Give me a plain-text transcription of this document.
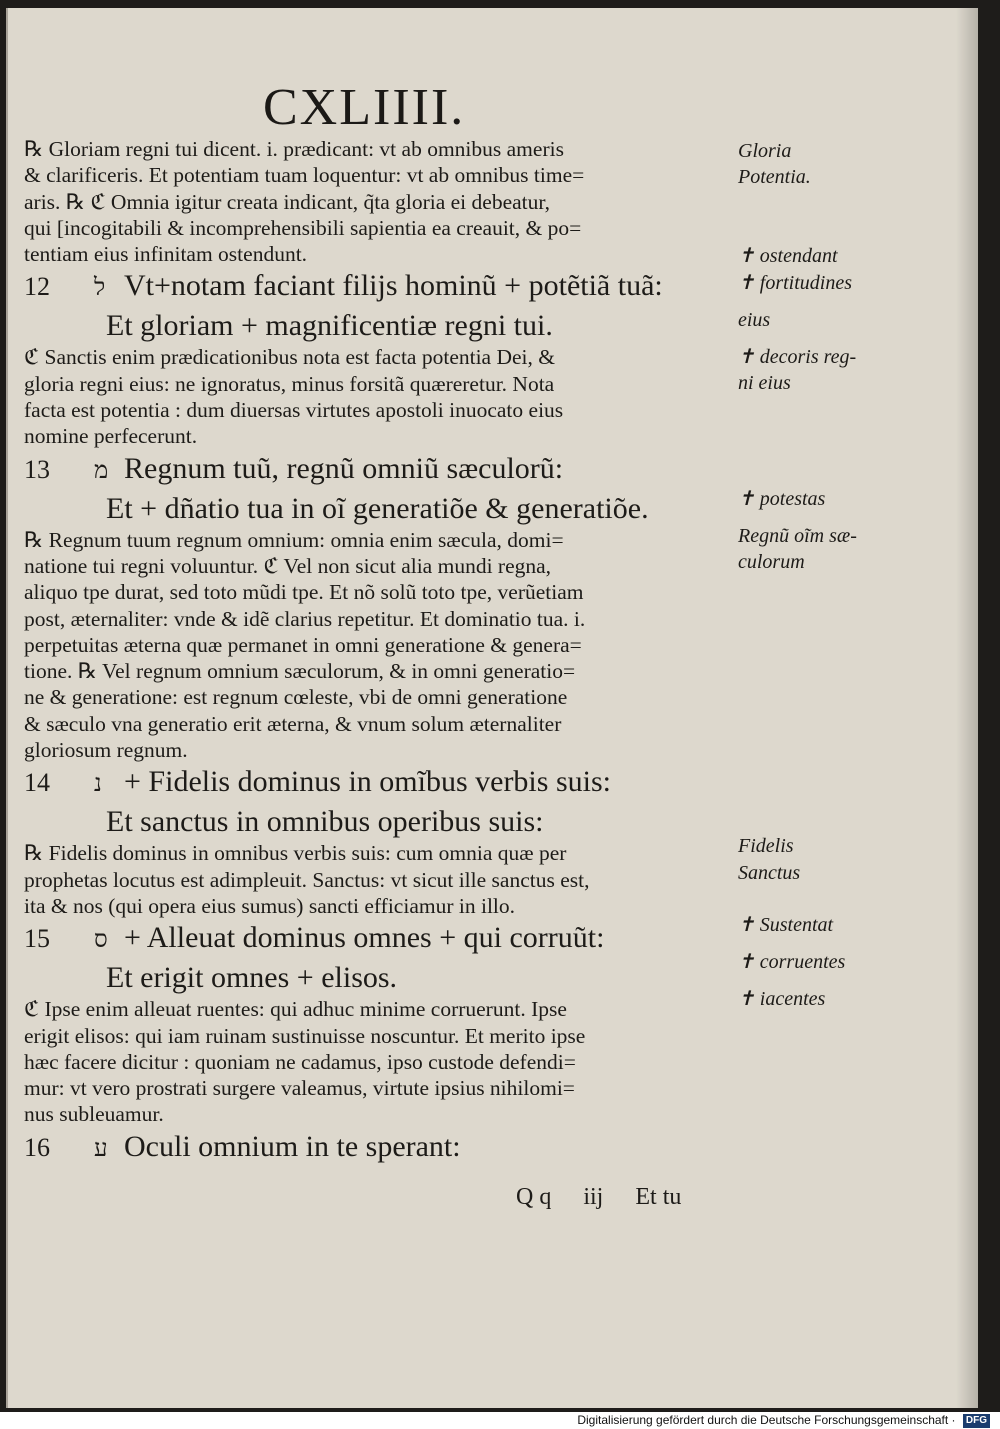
CXLIIII.
℞ Gloriam regni tui dicent. i. prædicant: vt ab omnibus ameris
& clarificeris. Et potentiam tuam loquentur: vt ab omnibus time=
aris. ℞ ℭ Omnia igitur creata indicant, q̃ta gloria ei debeatur,
qui [incogitabili & incomprehensibili sapientia ea creauit, & po=
tentiam eius infinitam ostendunt.
12 ל Vt+notam faciant filijs hominũ + potẽtiã tuã:
Et gloriam + magnificentiæ regni tui.
ℭ Sanctis enim prædicationibus nota est facta potentia Dei, &
gloria regni eius: ne ignoratus, minus forsitã quæreretur. Nota
facta est potentia : dum diuersas virtutes apostoli inuocato eius
nomine perfecerunt.
13 מ Regnum tuũ, regnũ omniũ sæculorũ:
Et + dñatio tua in oĩ generatiõe & generatiõe.
℞ Regnum tuum regnum omnium: omnia enim sæcula, domi=
natione tui regni voluuntur. ℭ Vel non sicut alia mundi regna,
aliquo tpe durat, sed toto mũdi tpe. Et nõ solũ toto tpe, verũetiam
post, æternaliter: vnde & idẽ clarius repetitur. Et dominatio tua. i.
perpetuitas æterna quæ permanet in omni generatione & genera=
tione. ℞ Vel regnum omnium sæculorum, & in omni generatio=
ne & generatione: est regnum cœleste, vbi de omni generatione
& sæculo vna generatio erit æterna, & vnum solum æternaliter
gloriosum regnum.
14 נ + Fidelis dominus in omĩbus verbis suis:
Et sanctus in omnibus operibus suis:
℞ Fidelis dominus in omnibus verbis suis: cum omnia quæ per
prophetas locutus est adimpleuit. Sanctus: vt sicut ille sanctus est,
ita & nos (qui opera eius sumus) sancti efficiamur in illo.
15 ס + Alleuat dominus omnes + qui corruũt:
Et erigit omnes + elisos.
ℭ Ipse enim alleuat ruentes: qui adhuc minime corruerunt. Ipse
erigit elisos: qui iam ruinam sustinuisse noscuntur. Et merito ipse
hæc facere dicitur : quoniam ne cadamus, ipso custode defendi=
mur: vt vero prostrati surgere valeamus, virtute ipsius nihilomi=
nus subleuamur.
16 ע Oculi omnium in te sperant:
Gloria
Potentia.
✝ ostendant
✝ fortitudines
eius
✝ decoris reg-
ni eius
✝ potestas
Regnũ oĩm sæ-
culorum
Fidelis
Sanctus
✝ Sustentat
✝ corruentes
✝ iacentes
Q q iij Et tu
Digitalisierung gefördert durch die Deutsche Forschungsgemeinschaft · DFG
